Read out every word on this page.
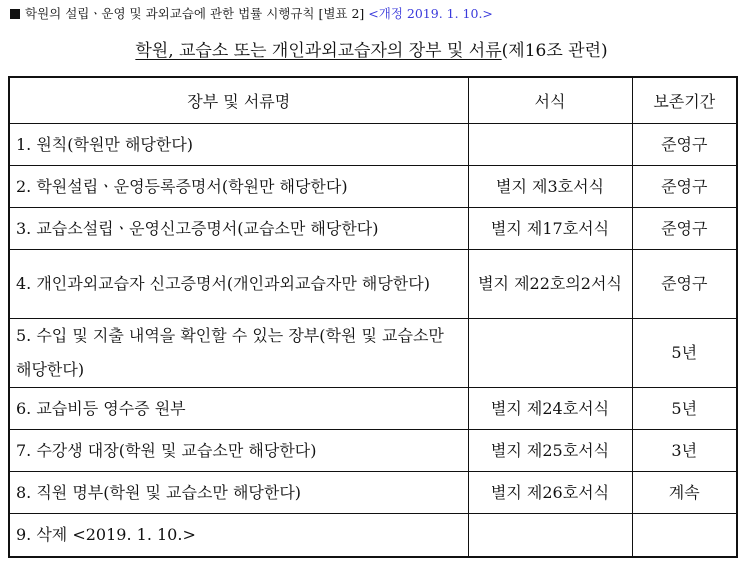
학원의 설립ㆍ운영 및 과외교습에 관한 법률 시행규칙 [별표 2] <개정 2019. 1. 10.>
학원, 교습소 또는 개인과외교습자의 장부 및 서류(제16조 관련)
장부 및 서류명	서식	보존기간
1. 원칙(학원만 해당한다)		준영구
2. 학원설립ㆍ운영등록증명서(학원만 해당한다)	별지 제3호서식	준영구
3. 교습소설립ㆍ운영신고증명서(교습소만 해당한다)	별지 제17호서식	준영구
4. 개인과외교습자 신고증명서(개인과외교습자만 해당한다)	별지 제22호의2서식	준영구
5. 수입 및 지출 내역을 확인할 수 있는 장부(학원 및 교습소만 해당한다)		5년
6. 교습비등 영수증 원부	별지 제24호서식	5년
7. 수강생 대장(학원 및 교습소만 해당한다)	별지 제25호서식	3년
8. 직원 명부(학원 및 교습소만 해당한다)	별지 제26호서식	계속
9. 삭제 <2019. 1. 10.>		
